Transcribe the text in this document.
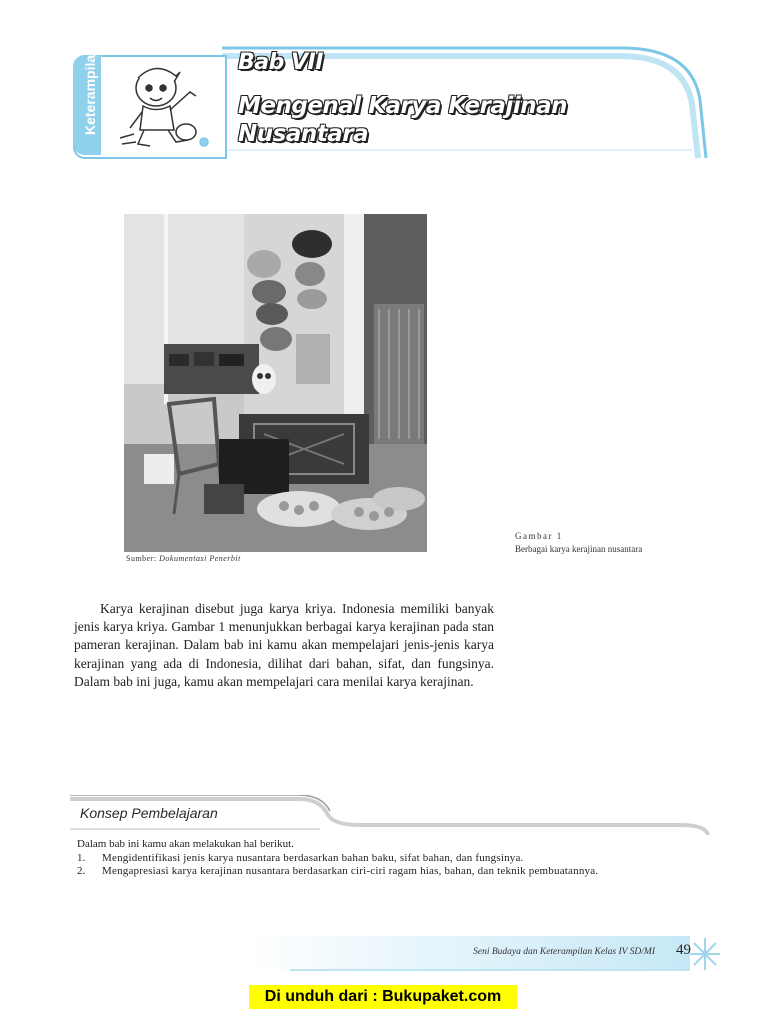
Keterampilan	Bab VII
Mengenal Karya Kerajinan
Nusantara
Sumber: Dokumentasi Penerbit
Gambar 1
Berbagai karya kerajinan nusantara

Karya kerajinan disebut juga karya kriya. Indonesia memiliki banyak jenis karya kriya. Gambar 1 menunjukkan berbagai karya kerajinan pada stan pameran kerajinan. Dalam bab ini kamu akan mempelajari jenis-jenis karya kerajinan yang ada di Indonesia, dilihat dari bahan, sifat, dan fungsinya. Dalam bab ini juga, kamu akan mempelajari cara menilai karya kerajinan.

Konsep Pembelajaran
Dalam bab ini kamu akan melakukan hal berikut.
1.	Mengidentifikasi jenis karya nusantara berdasarkan bahan baku, sifat bahan, dan fungsinya.
2.	Mengapresiasi karya kerajinan nusantara berdasarkan ciri-ciri ragam hias, bahan, dan teknik pembuatannya.
Seni Budaya dan Keterampilan Kelas IV SD/MI 49
Di unduh dari : Bukupaket.com
